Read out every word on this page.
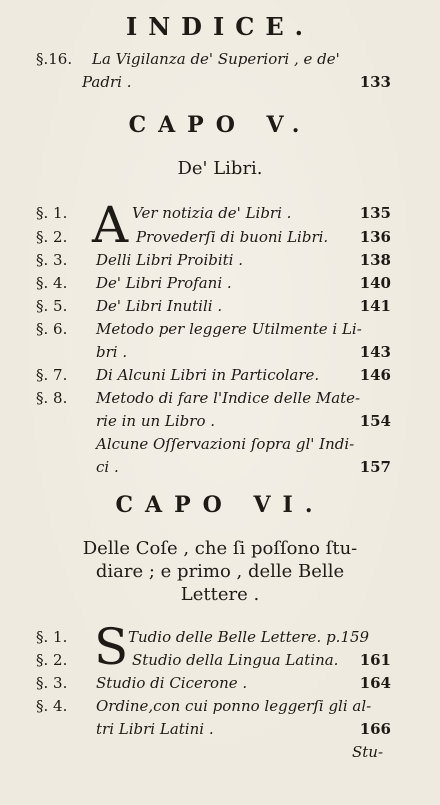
INDICE.
§.16. La Vigilanza de' Superiori , e de'
Padri .	133
CAPO V.
De' Libri.
A
§. 1.	Ver notizia de' Libri .	135
§. 2.	Provederſi di buoni Libri. 136
§. 3. Delli Libri Proibiti .	138
§. 4. De' Libri Profani .	140
§. 5. De' Libri Inutili .	141
§. 6. Metodo per leggere Utilmente i Li-
bri .	143
§. 7. Di Alcuni Libri in Particolare.	146
§. 8. Metodo di fare l'Indice delle Mate-
rie in un Libro .	154
Alcune Oſſervazioni ſopra gl' Indi-
ci .	157
CAPO VI.
Delle Coſe , che ſi poſſono ſtu-
diare ; e primo , delle Belle
Lettere .
S
§. 1.	Tudio delle Belle Lettere. p.159
§. 2.	Studio della Lingua Latina. 161
§. 3. Studio di Cicerone .	164
§. 4. Ordine,con cui ponno leggerſi gli al-
tri Libri Latini .	166
Stu-
